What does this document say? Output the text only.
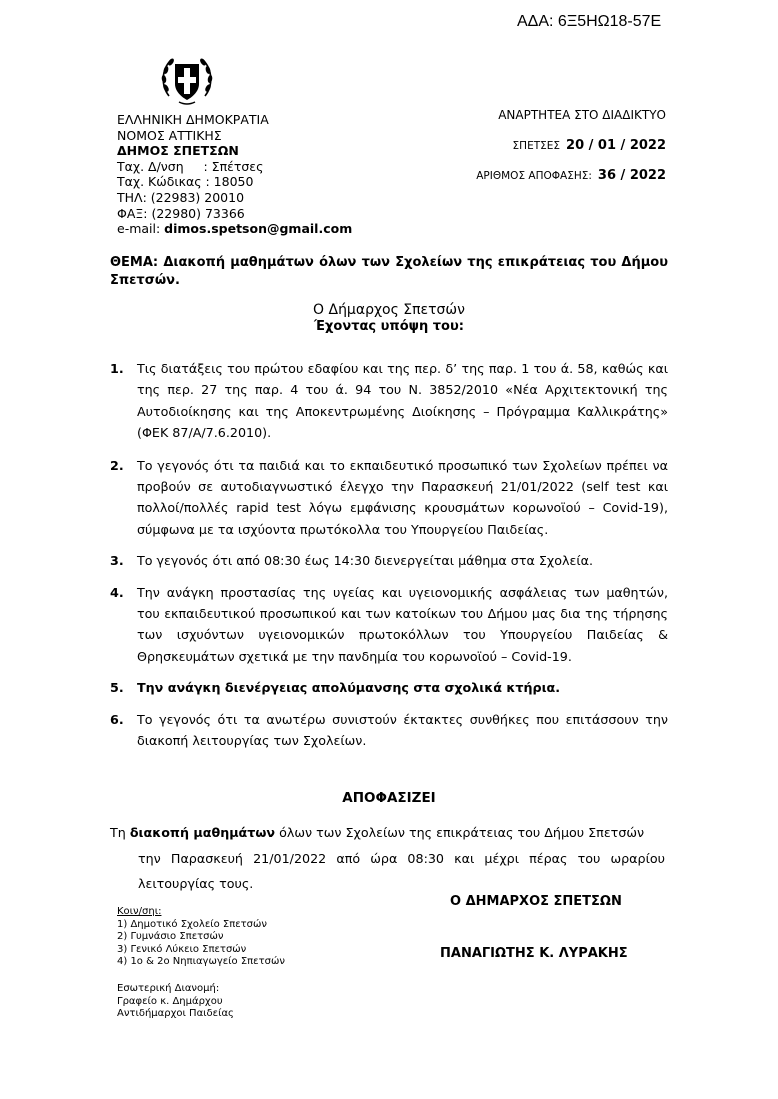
ΑΔΑ: 6Ξ5ΗΩ18-57Ε
ΕΛΛΗΝΙΚΗ ΔΗΜΟΚΡΑΤΙΑ
ΝΟΜΟΣ ΑΤΤΙΚΗΣ
ΔΗΜΟΣ ΣΠΕΤΣΩΝ
Ταχ. Δ/νση     : Σπέτσες
Ταχ. Κώδικας : 18050
ΤΗΛ: (22983) 20010
ΦΑΞ: (22980) 73366
e-mail: dimos.spetson@gmail.com
ΑΝΑΡΤΗΤΕΑ ΣΤΟ ΔΙΑΔΙΚΤΥΟ
ΣΠΕΤΣΕΣ 20 / 01 / 2022
ΑΡΙΘΜΟΣ ΑΠΟΦΑΣΗΣ: 36 / 2022
ΘΕΜΑ: Διακοπή μαθημάτων όλων των Σχολείων της επικράτειας του Δήμου Σπετσών.
Ο Δήμαρχος Σπετσών
Έχοντας υπόψη του:
1.	Τις διατάξεις του πρώτου εδαφίου και της περ. δ’ της παρ. 1 του ά. 58, καθώς και της περ. 27 της παρ. 4 του ά. 94 του Ν. 3852/2010 «Νέα Αρχιτεκτονική της Αυτοδιοίκησης και της Αποκεντρωμένης Διοίκησης – Πρόγραμμα Καλλικράτης» (ΦΕΚ 87/Α/7.6.2010).
2.	Το γεγονός ότι τα παιδιά και το εκπαιδευτικό προσωπικό των Σχολείων πρέπει να προβούν σε αυτοδιαγνωστικό έλεγχο την Παρασκευή 21/01/2022 (self test και πολλοί/πολλές rapid test λόγω εμφάνισης κρουσμάτων κορωνοϊού – Covid-19), σύμφωνα με τα ισχύοντα πρωτόκολλα του Υπουργείου Παιδείας.
3.	Το γεγονός ότι από 08:30 έως 14:30 διενεργείται μάθημα στα Σχολεία.
4.	Την ανάγκη προστασίας της υγείας και υγειονομικής ασφάλειας των μαθητών, του εκπαιδευτικού προσωπικού και των κατοίκων του Δήμου μας δια της τήρησης των ισχυόντων υγειονομικών πρωτοκόλλων του Υπουργείου Παιδείας & Θρησκευμάτων σχετικά με την πανδημία του κορωνοϊού – Covid-19.
5.	Την ανάγκη διενέργειας απολύμανσης στα σχολικά κτήρια.
6.	Το γεγονός ότι τα ανωτέρω συνιστούν έκτακτες συνθήκες που επιτάσσουν την διακοπή λειτουργίας των Σχολείων.
ΑΠΟΦΑΣΙΖΕΙ
Τη διακοπή μαθημάτων όλων των Σχολείων της επικράτειας του Δήμου Σπετσών
την Παρασκευή 21/01/2022 από ώρα 08:30 και μέχρι πέρας του ωραρίου
λειτουργίας τους.
Ο ΔΗΜΑΡΧΟΣ ΣΠΕΤΣΩΝ
ΠΑΝΑΓΙΩΤΗΣ Κ. ΛΥΡΑΚΗΣ
Κοιν/σηι:
1) Δημοτικό Σχολείο Σπετσών
2) Γυμνάσιο Σπετσών
3) Γενικό Λύκειο Σπετσών
4) 1ο & 2ο Νηπιαγωγείο Σπετσών
Εσωτερική Διανομή:
Γραφείο κ. Δημάρχου
Αντιδήμαρχοι Παιδείας
